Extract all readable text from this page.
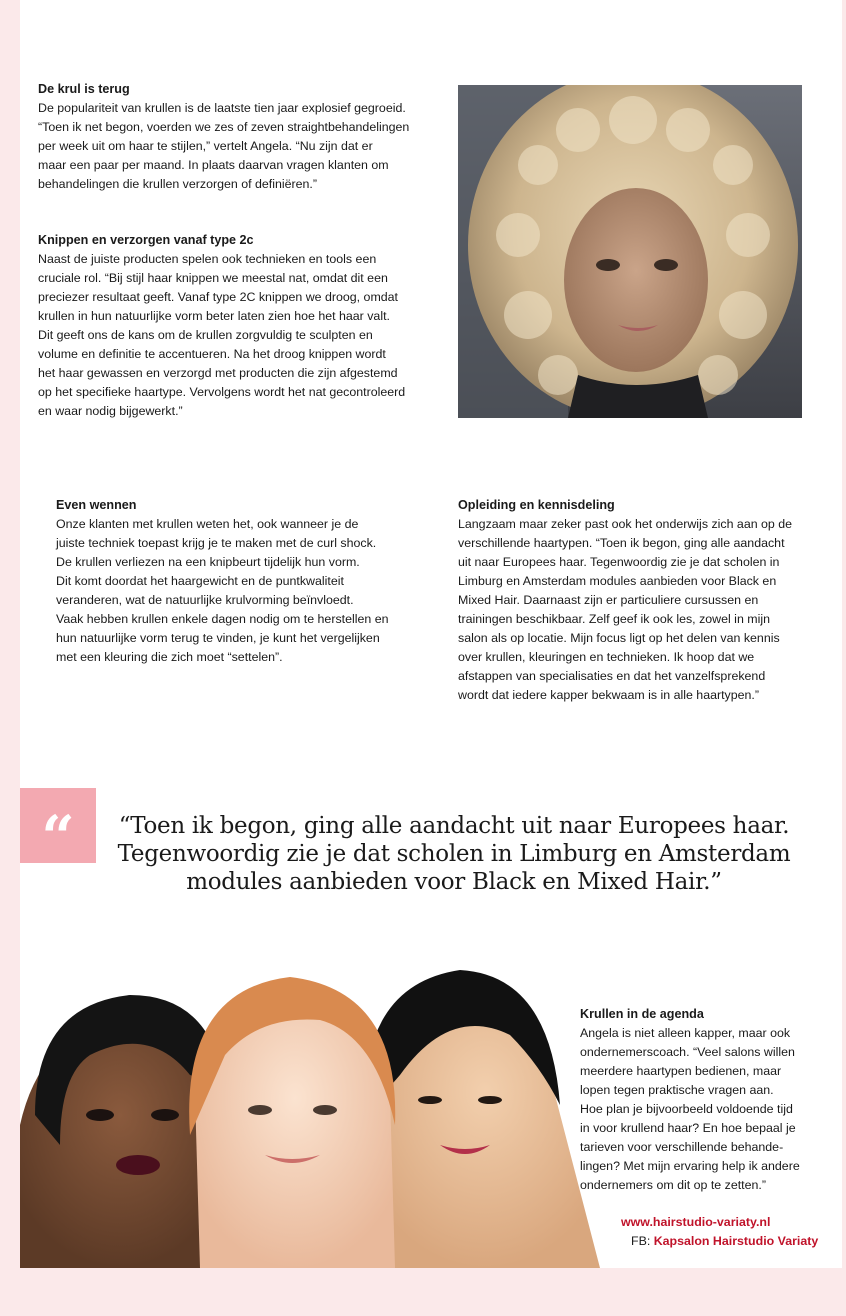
De krul is terug

De populariteit van krullen is de laatste tien jaar explosief gegroeid.
“Toen ik net begon, voerden we zes of zeven straightbehandelingen
per week uit om haar te stijlen,” vertelt Angela. “Nu zijn dat er
maar een paar per maand. In plaats daarvan vragen klanten om
behandelingen die krullen verzorgen of definiëren.”

Knippen en verzorgen vanaf type 2c

Naast de juiste producten spelen ook technieken en tools een
cruciale rol. “Bij stijl haar knippen we meestal nat, omdat dit een
preciezer resultaat geeft. Vanaf type 2C knippen we droog, omdat
krullen in hun natuurlijke vorm beter laten zien hoe het haar valt.
Dit geeft ons de kans om de krullen zorgvuldig te sculpten en
volume en definitie te accentueren. Na het droog knippen wordt
het haar gewassen en verzorgd met producten die zijn afgestemd
op het specifieke haartype. Vervolgens wordt het nat gecontroleerd
en waar nodig bijgewerkt.”

Even wennen

Onze klanten met krullen weten het, ook wanneer je de
juiste techniek toepast krijg je te maken met de curl shock.
De krullen verliezen na een knipbeurt tijdelijk hun vorm.
Dit komt doordat het haargewicht en de puntkwaliteit
veranderen, wat de natuurlijke krulvorming beïnvloedt.
Vaak hebben krullen enkele dagen nodig om te herstellen en
hun natuurlijke vorm terug te vinden, je kunt het vergelijken
met een kleuring die zich moet “settelen”.

Opleiding en kennisdeling

Langzaam maar zeker past ook het onderwijs zich aan op de
verschillende haartypen. “Toen ik begon, ging alle aandacht
uit naar Europees haar. Tegenwoordig zie je dat scholen in
Limburg en Amsterdam modules aanbieden voor Black en
Mixed Hair. Daarnaast zijn er particuliere cursussen en
trainingen beschikbaar. Zelf geef ik ook les, zowel in mijn
salon als op locatie. Mijn focus ligt op het delen van kennis
over krullen, kleuringen en technieken. Ik hoop dat we
afstappen van specialisaties en dat het vanzelfsprekend
wordt dat iedere kapper bekwaam is in alle haartypen.”

“	“Toen ik begon, ging alle aandacht uit naar Europees haar.
Tegenwoordig zie je dat scholen in Limburg en Amsterdam
modules aanbieden voor Black en Mixed Hair.”
Krullen in de agenda

Angela is niet alleen kapper, maar ook
ondernemerscoach. “Veel salons willen
meerdere haartypen bedienen, maar
lopen tegen praktische vragen aan.
Hoe plan je bijvoorbeeld voldoende tijd
in voor krullend haar? En hoe bepaal je
tarieven voor verschillende behande-
lingen? Met mijn ervaring help ik andere
ondernemers om dit op te zetten.”

www.hairstudio-variaty.nl
FB: Kapsalon Hairstudio Variaty
